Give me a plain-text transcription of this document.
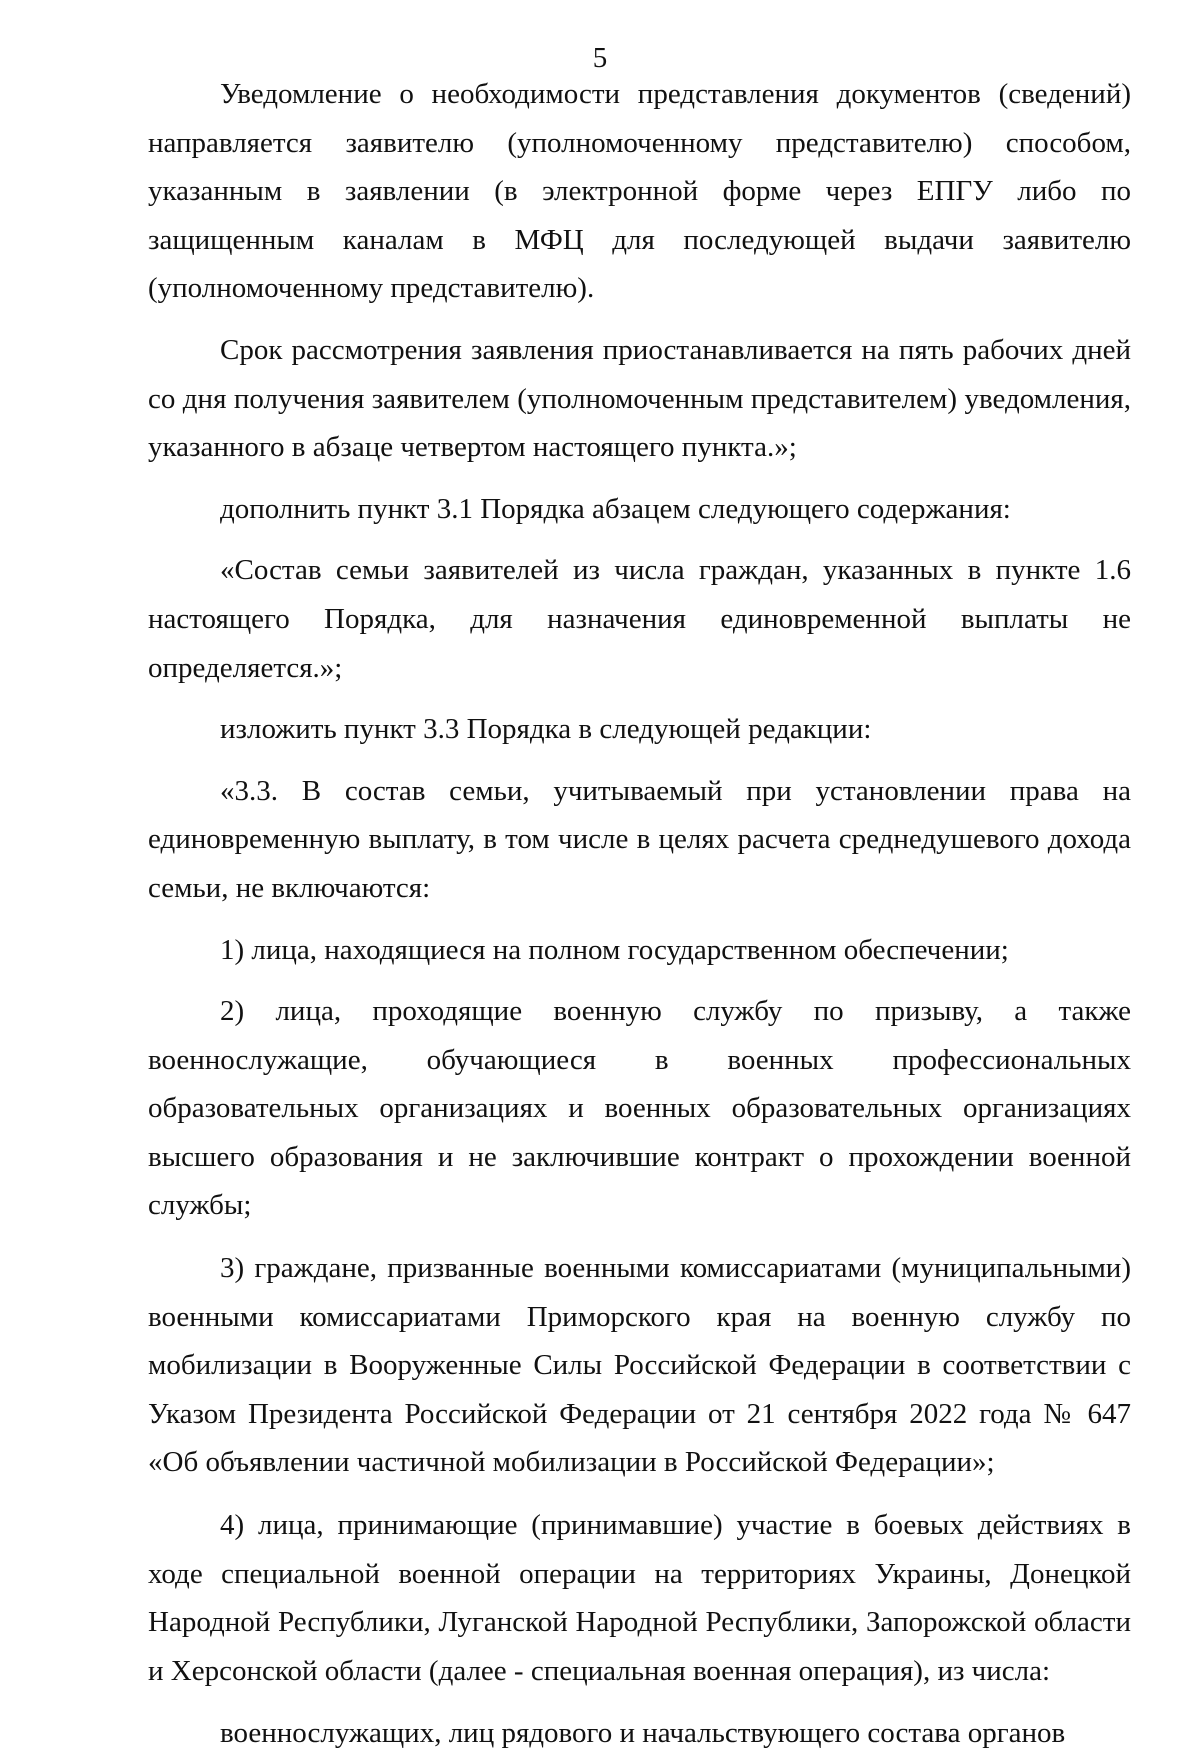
5

Уведомление о необходимости представления документов (сведений) направляется заявителю (уполномоченному представителю) способом, указанным в заявлении (в электронной форме через ЕПГУ либо по защищенным каналам в МФЦ для последующей выдачи заявителю (уполномоченному представителю).

Срок рассмотрения заявления приостанавливается на пять рабочих дней со дня получения заявителем (уполномоченным представителем) уведомления, указанного в абзаце четвертом настоящего пункта.»;

дополнить пункт 3.1 Порядка абзацем следующего содержания:

«Состав семьи заявителей из числа граждан, указанных в пункте 1.6 настоящего Порядка, для назначения единовременной выплаты не определяется.»;

изложить пункт 3.3 Порядка в следующей редакции:

«3.3. В состав семьи, учитываемый при установлении права на единовременную выплату, в том числе в целях расчета среднедушевого дохода семьи, не включаются:

1) лица, находящиеся на полном государственном обеспечении;

2) лица, проходящие военную службу по призыву, а также военнослужащие, обучающиеся в военных профессиональных образовательных организациях и военных образовательных организациях высшего образования и не заключившие контракт о прохождении военной службы;

3) граждане, призванные военными комиссариатами (муниципальными) военными комиссариатами Приморского края на военную службу по мобилизации в Вооруженные Силы Российской Федерации в соответствии с Указом Президента Российской Федерации от 21 сентября 2022 года № 647 «Об объявлении частичной мобилизации в Российской Федерации»;

4) лица, принимающие (принимавшие) участие в боевых действиях в ходе специальной военной операции на территориях Украины, Донецкой Народной Республики, Луганской Народной Республики, Запорожской области и Херсонской области (далее - специальная военная операция), из числа:

военнослужащих, лиц рядового и начальствующего состава органов
